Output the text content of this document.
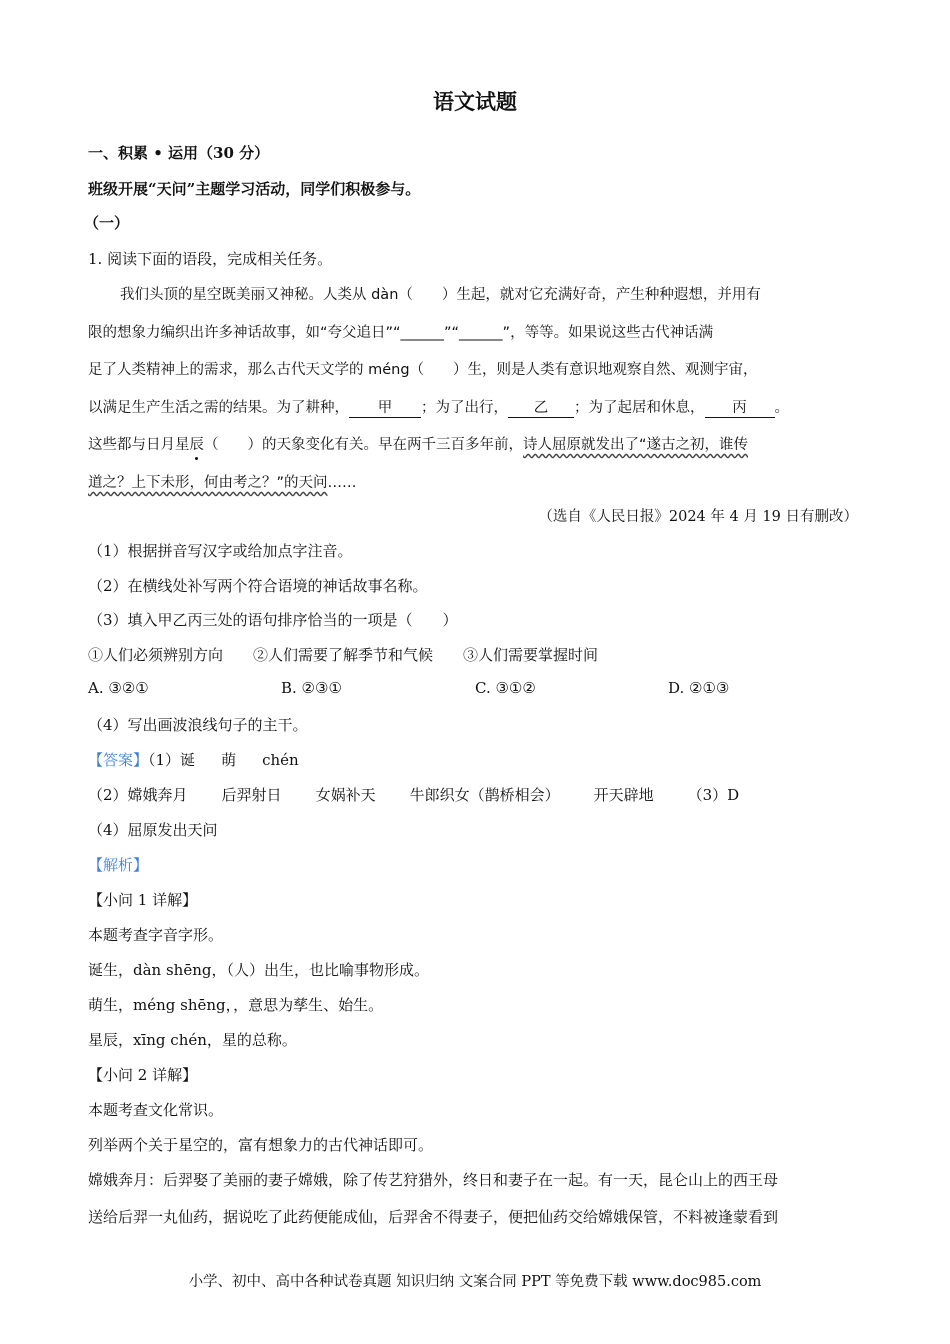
语文试题
一、积累 • 运用（30 分）
班级开展“天问”主题学习活动，同学们积极参与。
（一）
1. 阅读下面的语段，完成相关任务。
我们头顶的星空既美丽又神秘。人类从 dàn（　　）生起，就对它充满好奇，产生种种遐想，并用有
限的想象力编织出许多神话故事，如“夸父追日”“______”“______”，等等。如果说这些古代神话满
足了人类精神上的需求，那么古代天文学的 méng（　　）生，则是人类有意识地观察自然、观测宇宙，
以满足生产生活之需的结果。为了耕种， 甲 ；为了出行， 乙 ；为了起居和休息， 丙 。
这些都与日月星辰（　　）的天象变化有关。早在两千三百多年前，诗人屈原就发出了“遂古之初，谁传
道之？上下未形，何由考之？”的天问……
（选自《人民日报》2024 年 4 月 19 日有删改）
（1）根据拼音写汉字或给加点字注音。
（2）在横线处补写两个符合语境的神话故事名称。
（3）填入甲乙丙三处的语句排序恰当的一项是（　　）
①人们必须辨别方向 ②人们需要了解季节和气候 ③人们需要掌握时间
A. ③②①	B. ②③①	C. ③①②	D. ②①③
（4）写出画波浪线句子的主干。
【答案】（1）诞 萌 chén
（2）嫦娥奔月 后羿射日 女娲补天 牛郎织女（鹊桥相会） 开天辟地 （3）D
（4）屈原发出天问
【解析】
【小问 1 详解】
本题考查字音字形。
诞生，dàn shēng，（人）出生，也比喻事物形成。
萌生，méng shēng，，意思为孳生、始生。
星辰，xīng chén，星的总称。
【小问 2 详解】
本题考查文化常识。
列举两个关于星空的，富有想象力的古代神话即可。
嫦娥奔月：后羿娶了美丽的妻子嫦娥，除了传艺狩猎外，终日和妻子在一起。有一天，昆仑山上的西王母
送给后羿一丸仙药，据说吃了此药便能成仙，后羿舍不得妻子，便把仙药交给嫦娥保管，不料被逢蒙看到
小学、初中、高中各种试卷真题 知识归纳 文案合同 PPT 等免费下载 www.doc985.com
